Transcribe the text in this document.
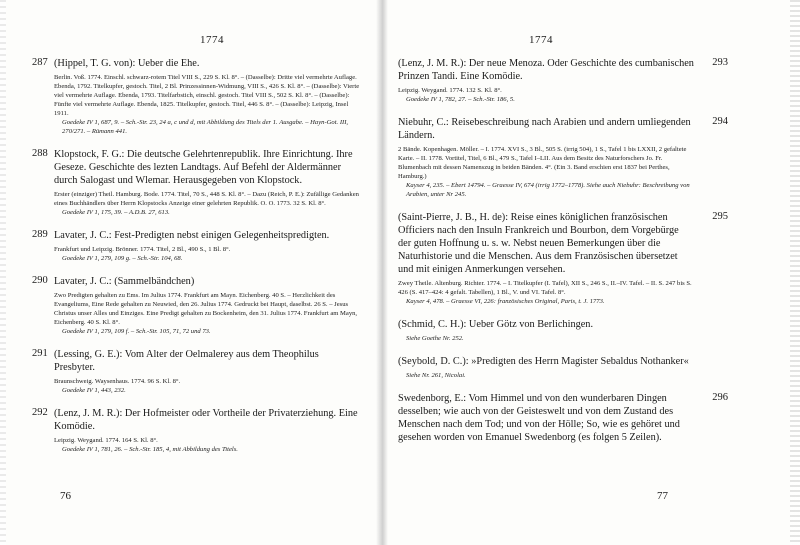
1774
287 (Hippel, T. G. von): Ueber die Ehe.

Berlin. Voß. 1774. Einschl. schwarz-rotem Titel VIII S., 229 S. Kl. 8°. – (Dasselbe): Dritte viel vermehrte Auflage. Ebenda, 1792. Titelkupfer, gestoch. Titel, 2 Bl. Prinzessinnen-Widmung, VIII S., 426 S. Kl. 8°. – (Dasselbe): Vierte viel vermehrte Auflage. Ebenda, 1793. Titelfarbstich, einschl. gestoch. Titel VIII S., 502 S. Kl. 8°. – (Dasselbe): Fünfte viel vermehrte Auflage. Ebenda, 1825. Titelkupfer, gestoch. Titel, 446 S. 8°. – (Dasselbe): Leipzig, Insel 1911.

Goedeke IV 1, 687, 9. – Sch.-Str. 23, 24 a, c und d, mit Abbildung des Titels der 1. Ausgabe. – Hayn-Got. III, 270/271. – Rümann 441.

288 Klopstock, F. G.: Die deutsche Gelehrtenrepublik. Ihre Einrichtung. Ihre Geseze. Geschichte des lezten Landtags. Auf Befehl der Aldermänner durch Salogast und Wlemar. Herausgegeben von Klopstock.

Erster (einziger) Theil. Hamburg. Bode. 1774. Titel, 70 S., 448 S. Kl. 8°. – Dazu (Reich, P. E.): Zufällige Gedanken eines Buchhändlers über Herrn Klopstocks Anzeige einer gelehrten Republik. O. O. 1773. 32 S. Kl. 8°.

Goedeke IV 1, 175, 39. – A.D.B. 27, 613.

289 Lavater, J. C.: Fest-Predigten nebst einigen Gelegenheitspredigten.

Frankfurt und Leipzig. Brönner. 1774. Titel, 2 Bl., 490 S., 1 Bl. 8°.

Goedeke IV 1, 279, 109 g. – Sch.-Str. 104, 68.

290 Lavater, J. C.: (Sammelbändchen)

Zwo Predigten gehalten zu Ems. Im Julius 1774. Frankfurt am Mayn. Eichenberg. 40 S. – Herzlichkeit des Evangeliums, Eine Rede gehalten zu Neuwied, den 26. Julius 1774. Gedruckt bei Haupt, daselbst. 26 S. – Jesus Christus unser Alles und Einziges. Eine Predigt gehalten zu Bockenheim, den 31. Julius 1774. Frankfurt am Mayn, Eichenberg. 40 S. Kl. 8°.

Goedeke IV 1, 279, 109 f. – Sch.-Str. 105, 71, 72 und 73.

291 (Lessing, G. E.): Vom Alter der Oelmalerey aus dem Theophilus Presbyter.

Braunschweig. Waysenhaus. 1774. 96 S. Kl. 8°.

Goedeke IV 1, 443, 232.

292 (Lenz, J. M. R.): Der Hofmeister oder Vortheile der Privaterziehung. Eine Komödie.

Leipzig. Weygand. 1774. 164 S. Kl. 8°.

Goedeke IV 1, 781, 26. – Sch.-Str. 185, 4, mit Abbildung des Titels.

76
1774
293

(Lenz, J. M. R.): Der neue Menoza. Oder Geschichte des cumbanischen Prinzen Tandi. Eine Komödie.

Leipzig. Weygand. 1774. 132 S. Kl. 8°.

Goedeke IV 1, 782, 27. – Sch.-Str. 186, 5.

294

Niebuhr, C.: Reisebeschreibung nach Arabien und andern umliegenden Ländern.

2 Bände. Kopenhagen. Möller. – I. 1774. XVI S., 3 Bl., 505 S. (irrig 504), 1 S., Tafel 1 bis LXXII, 2 gefaltete Karte. – II. 1778. Vortitel, Titel, 6 Bl., 479 S., Tafel I–LII. Aus dem Besitz des Naturforschers Jo. Fr. Blumenbach mit dessen Namenszug in beiden Bänden. 4°. (Ein 3. Band erschien erst 1837 bei Perthes, Hamburg.)

Kayser 4, 235. – Ebert 14794. – Graesse IV, 674 (irrig 1772–1778). Siehe auch Niebuhr: Beschreibung von Arabien, unter Nr 245.

295

(Saint-Pierre, J. B., H. de): Reise eines königlichen französischen Officiers nach den Insuln Frankreich und Bourbon, dem Vorgebürge der guten Hoffnung u. s. w. Nebst neuen Bemerkungen über die Naturhistorie und die Menschen. Aus dem Französischen übersetzet und mit einigen Anmerkungen versehen.

Zwey Theile. Altenburg. Richter. 1774. – I. Titelkupfer (I. Tafel), XII S., 246 S., II.–IV. Tafel. – II. S. 247 bis S. 426 (S. 417–424: 4 gefalt. Tabellen), 1 Bl., V. und VI. Tafel. 8°.

Kayser 4, 478. – Graesse VI, 226: französisches Original, Paris, t. J. 1773.

(Schmid, C. H.): Ueber Götz von Berlichingen.

Siehe Goethe Nr. 252.

(Seybold, D. C.): »Predigten des Herrn Magister Sebaldus Nothanker«

Siehe Nr. 261, Nicolai.

296

Swedenborg, E.: Vom Himmel und von den wunderbaren Dingen desselben; wie auch von der Geisteswelt und von dem Zustand des Menschen nach dem Tod; und von der Hölle; So, wie es gehöret und gesehen worden von Emanuel Swedenborg (es folgen 5 Zeilen).

77
